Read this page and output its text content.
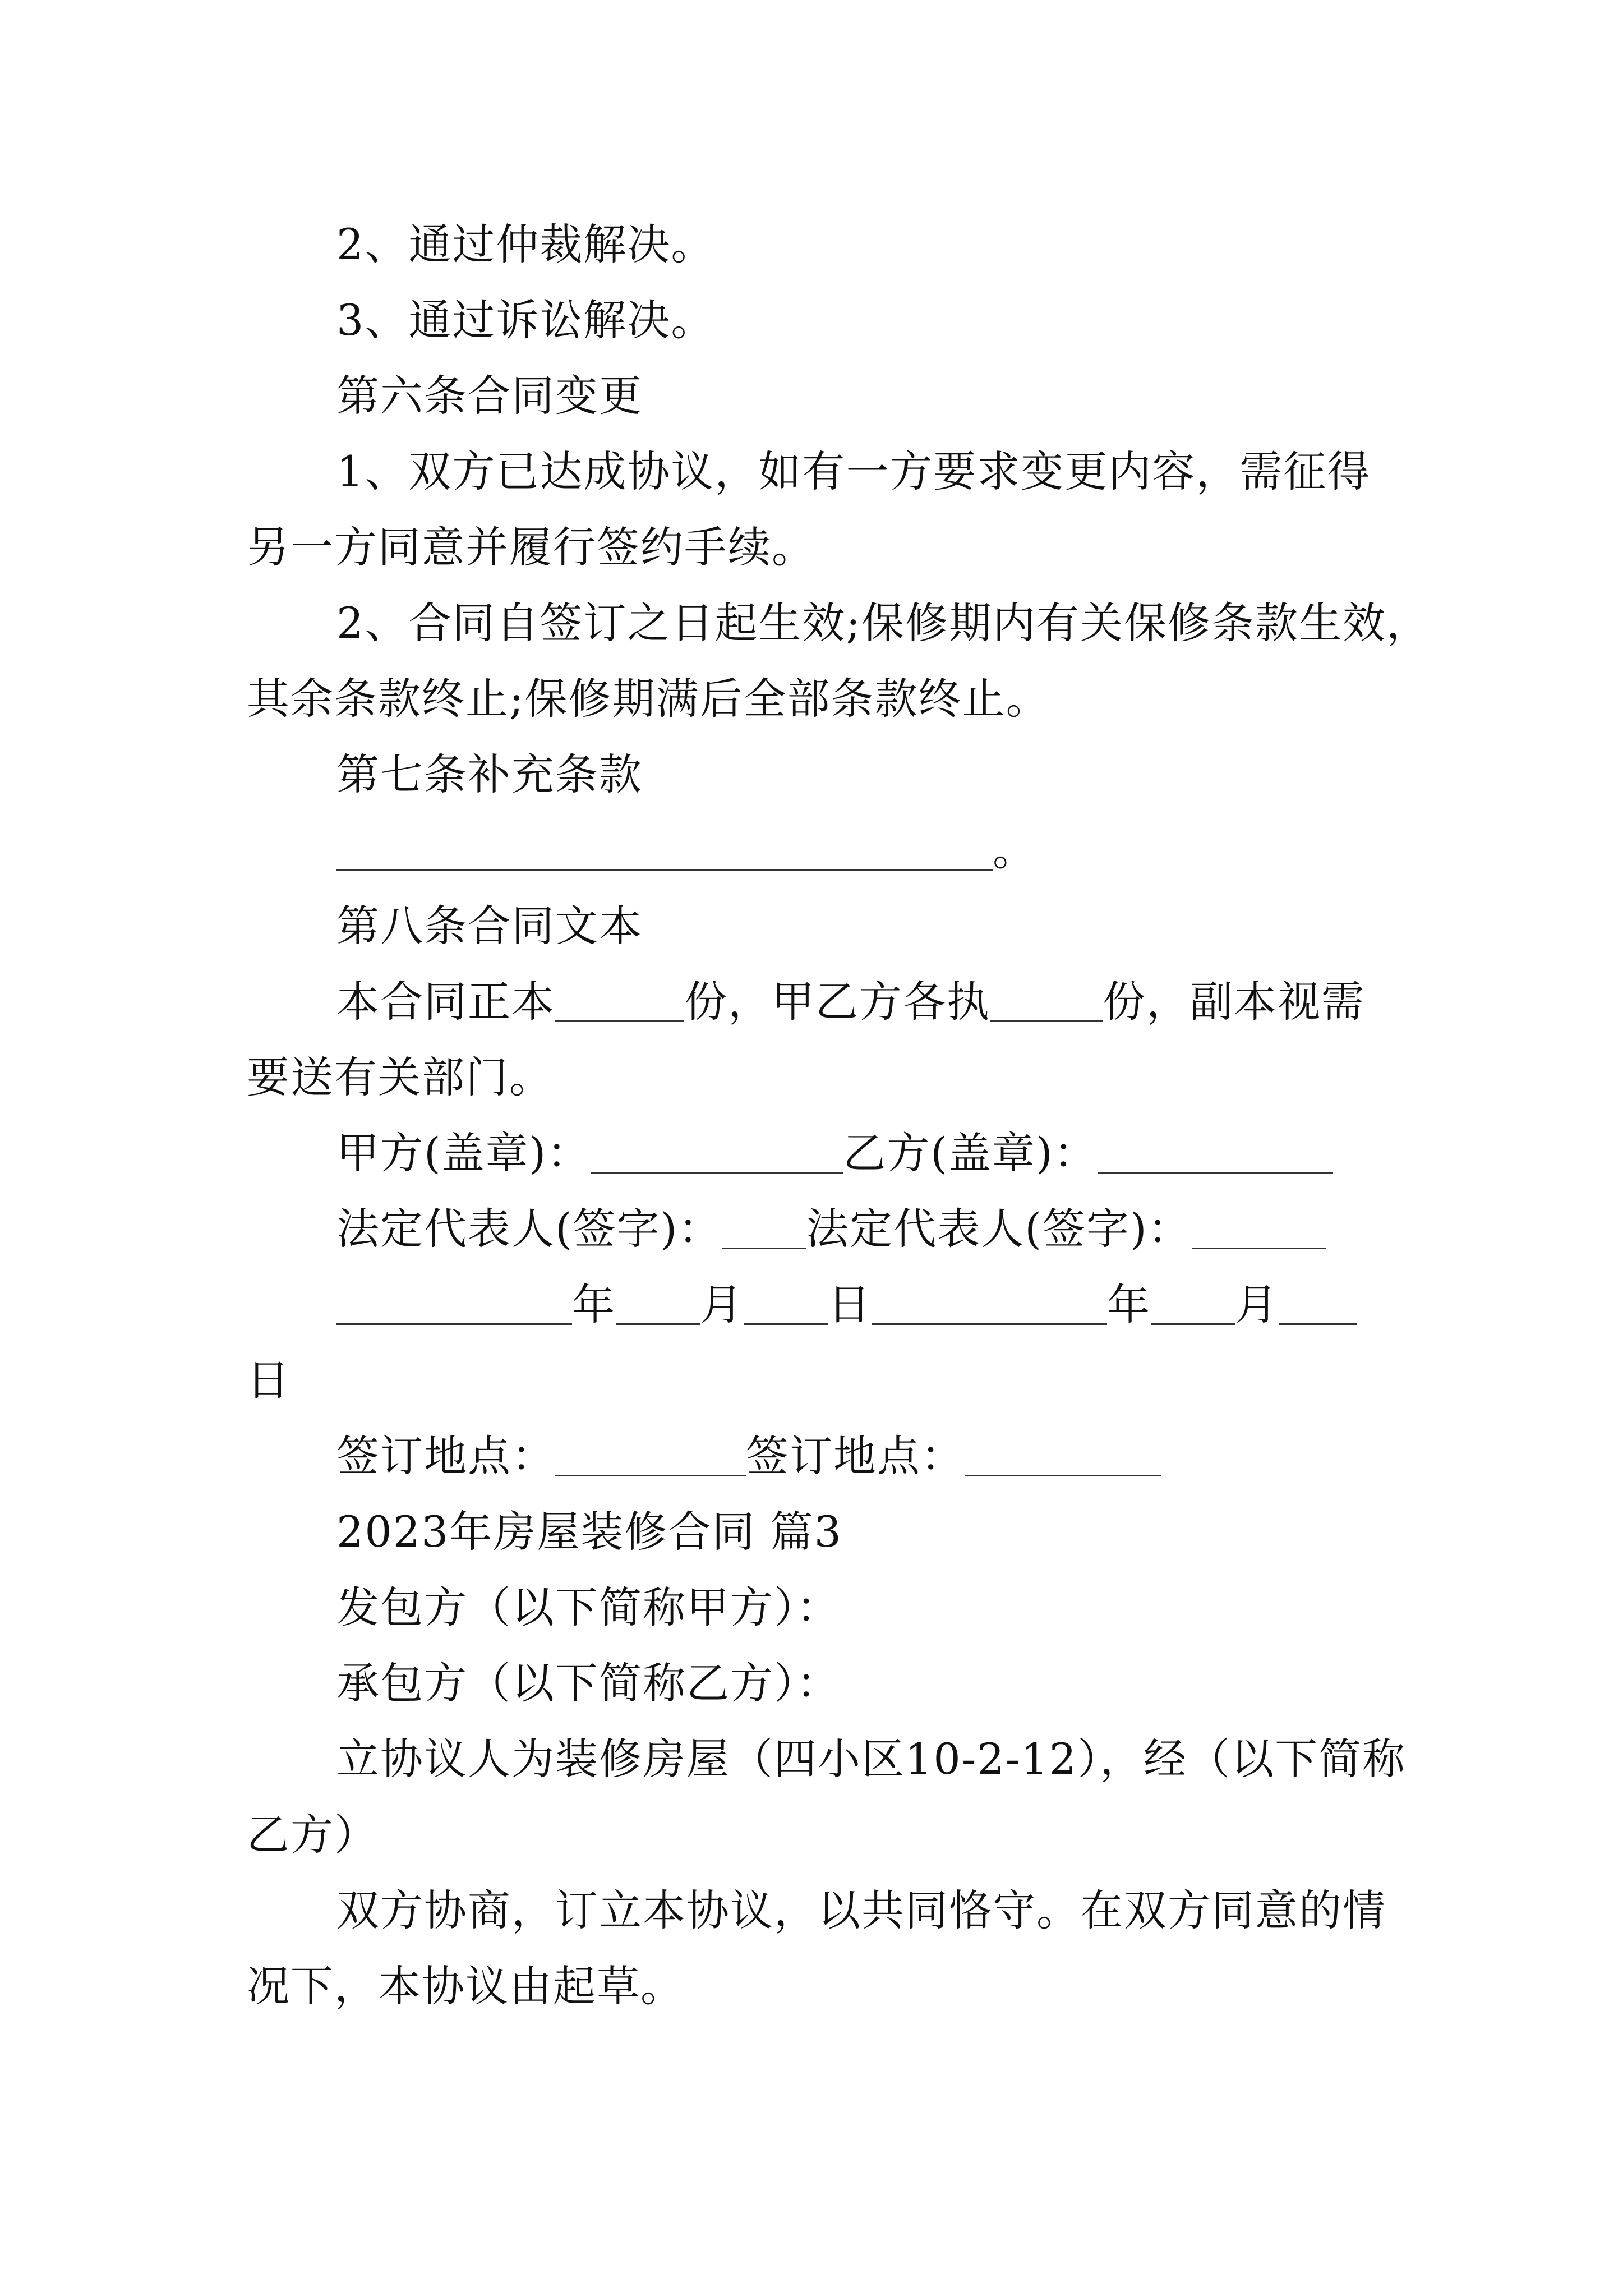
2、通过仲裁解决。
3、通过诉讼解决。
第六条合同变更
1、双方已达成协议，如有一方要求变更内容，需征得
另一方同意并履行签约手续。
2、合同自签订之日起生效;保修期内有关保修条款生效，
其余条款终止;保修期满后全部条款终止。
第七条补充条款
。
第八条合同文本
本合同正本	份，甲乙方各执	份，副本视需
要送有关部门。
甲方(盖章)：	乙方(盖章)：
法定代表人(签字)： 法定代表人(签字)：
年 月 日	年 月
日
签订地点：	签订地点：
2023年房屋装修合同 篇3
发包方（以下简称甲方）：
承包方（以下简称乙方）：
立协议人为装修房屋（四小区10-2-12），经（以下简称
乙方）
双方协商，订立本协议，以共同恪守。在双方同意的情
况下，本协议由起草。
